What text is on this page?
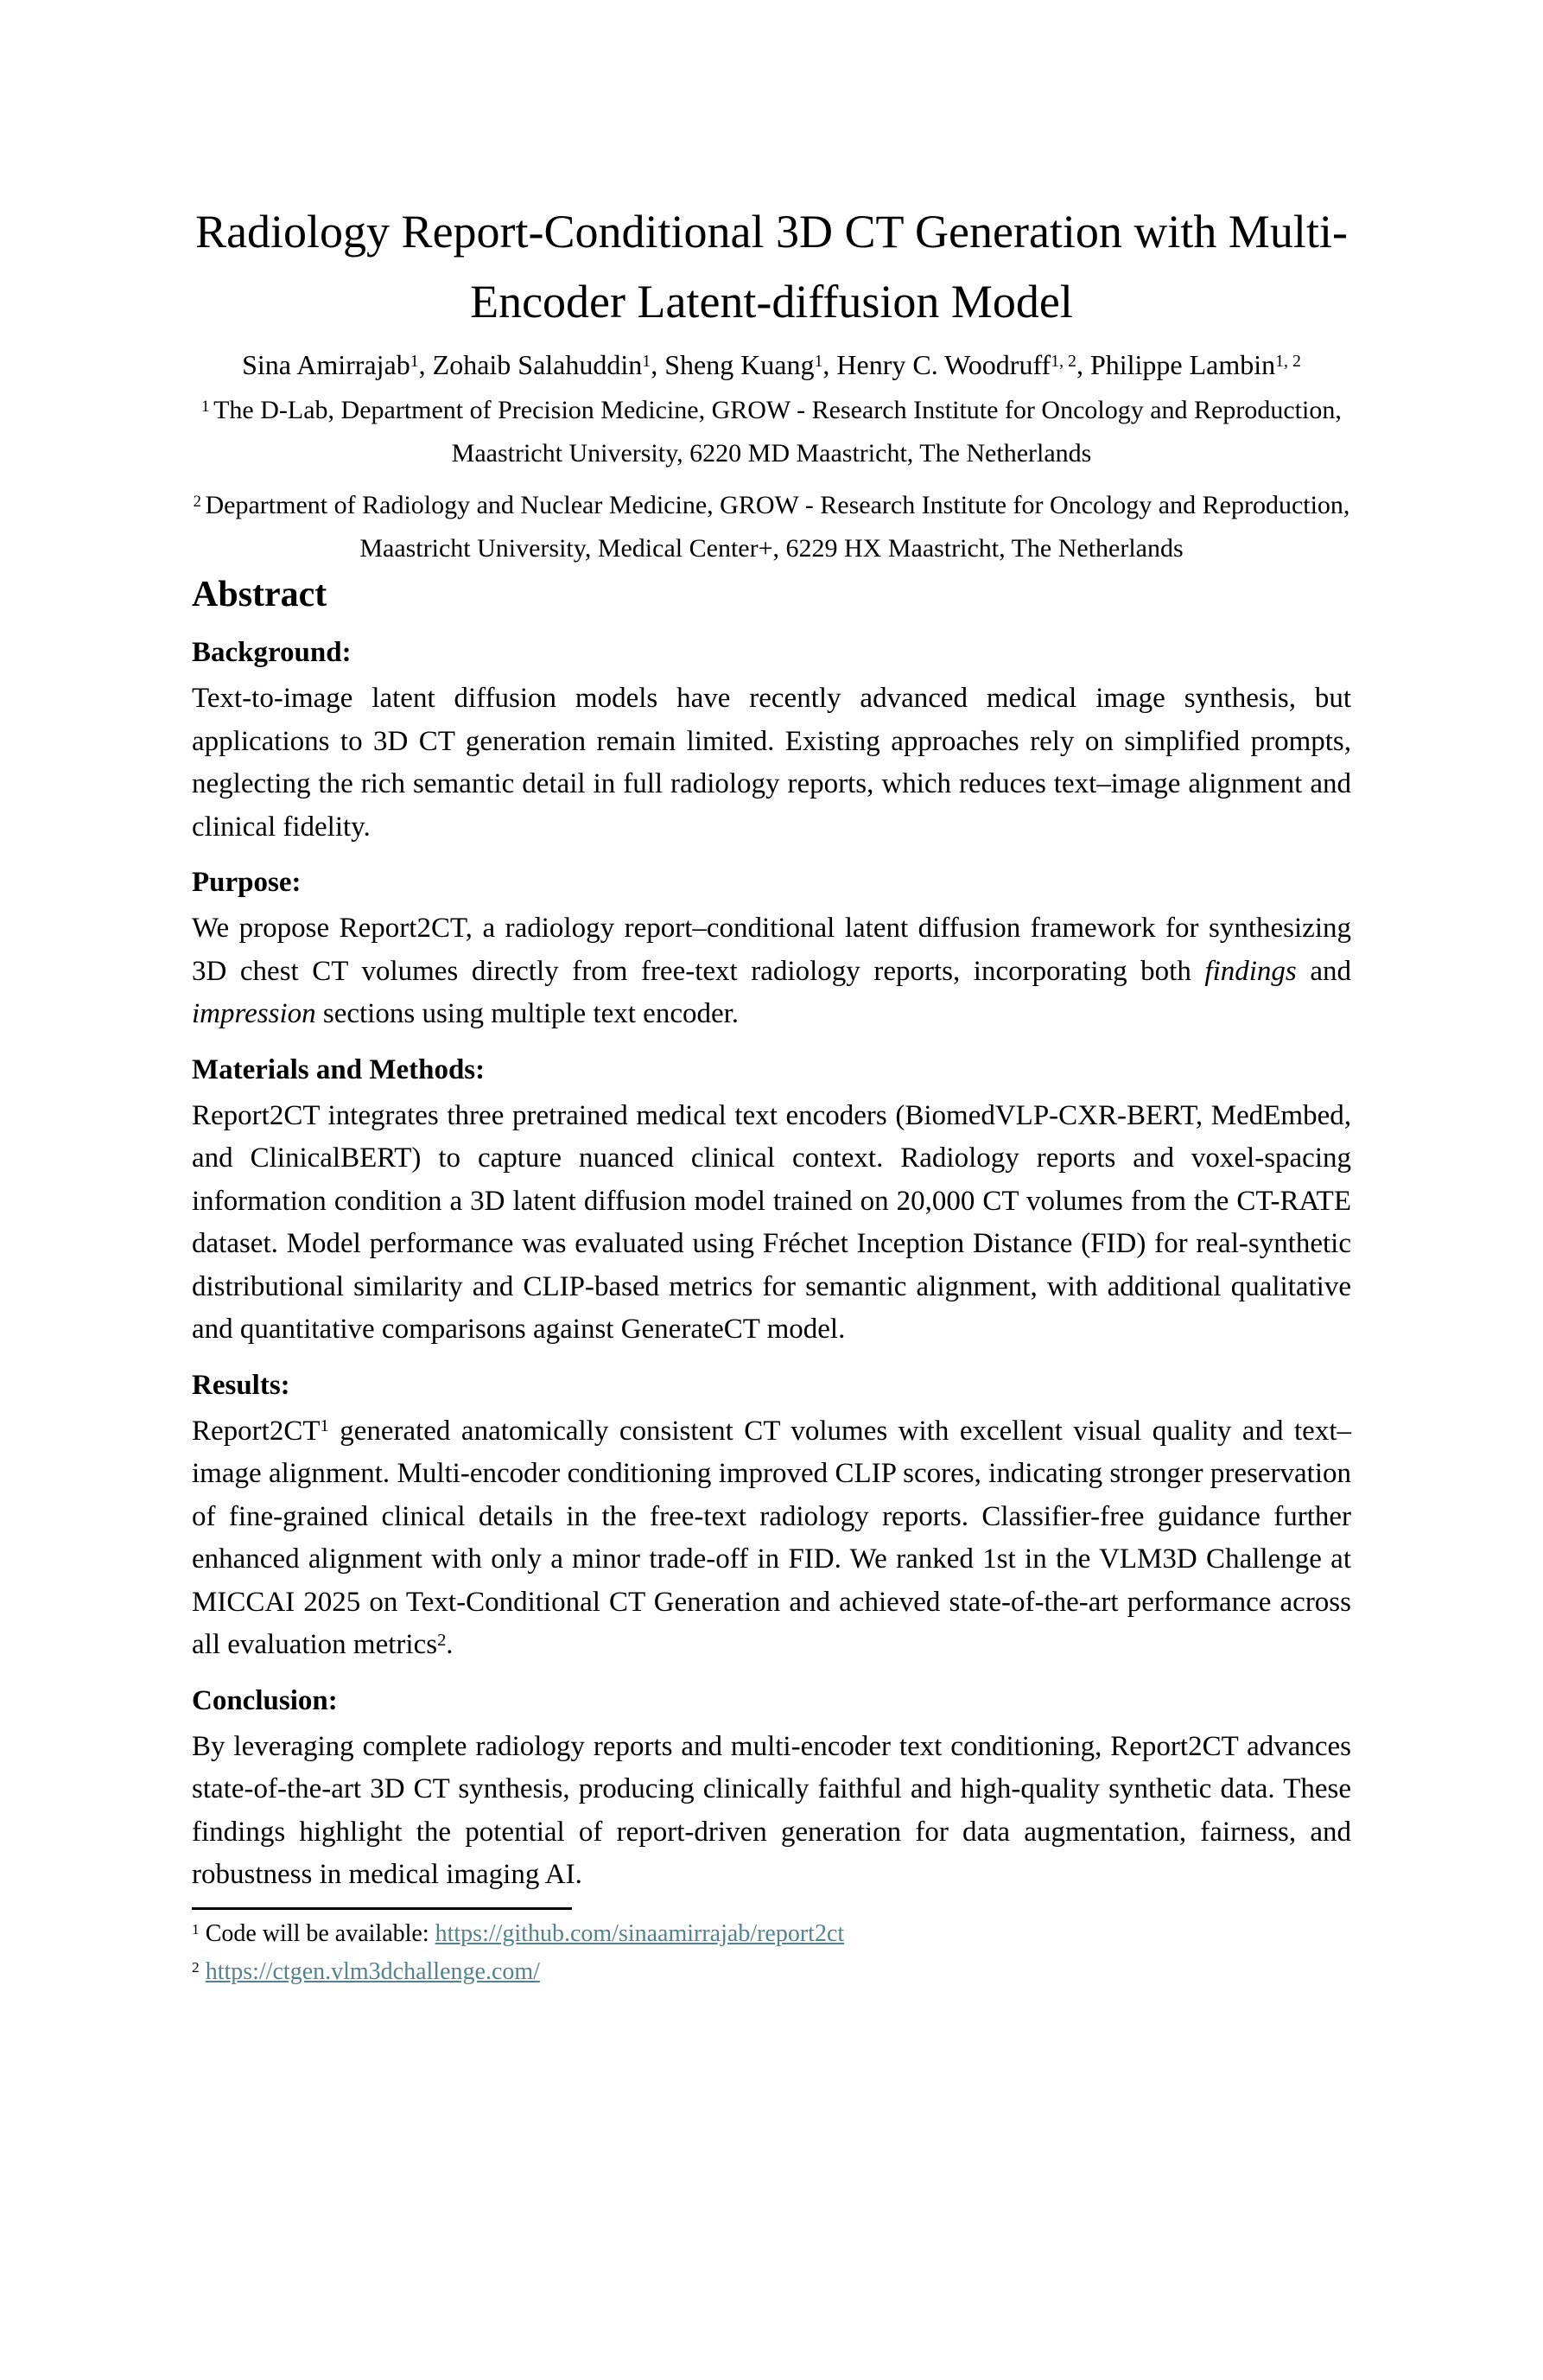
Radiology Report-Conditional 3D CT Generation with Multi-
Encoder Latent-diffusion Model
Sina Amirrajab$^1$, Zohaib Salahuddin$^1$, Sheng Kuang$^1$, Henry C. Woodruff$^{1, 2}$, Philippe Lambin$^{1, 2}$
$^1$ The D-Lab, Department of Precision Medicine, GROW - Research Institute for Oncology and Reproduction,
Maastricht University, 6220 MD Maastricht, The Netherlands
$^2$ Department of Radiology and Nuclear Medicine, GROW - Research Institute for Oncology and Reproduction,
Maastricht University, Medical Center+, 6229 HX Maastricht, The Netherlands
Abstract
Background:

Text-to-image latent diffusion models have recently advanced medical image synthesis, but applications to 3D CT generation remain limited. Existing approaches rely on simplified prompts, neglecting the rich semantic detail in full radiology reports, which reduces text–image alignment and clinical fidelity.

Purpose:

We propose Report2CT, a radiology report–conditional latent diffusion framework for synthesizing 3D chest CT volumes directly from free-text radiology reports, incorporating both findings and impression sections using multiple text encoder.

Materials and Methods:

Report2CT integrates three pretrained medical text encoders (BiomedVLP-CXR-BERT, MedEmbed, and ClinicalBERT) to capture nuanced clinical context. Radiology reports and voxel-spacing information condition a 3D latent diffusion model trained on 20,000 CT volumes from the CT-RATE dataset. Model performance was evaluated using Fréchet Inception Distance (FID) for real-synthetic distributional similarity and CLIP-based metrics for semantic alignment, with additional qualitative and quantitative comparisons against GenerateCT model.

Results:

$Report2CT^1$ generated anatomically consistent CT volumes with excellent visual quality and text–image alignment. Multi-encoder conditioning improved CLIP scores, indicating stronger preservation of fine-grained clinical details in the free-text radiology reports. Classifier-free guidance further enhanced alignment with only a minor trade-off in FID. We ranked 1st in the VLM3D Challenge at MICCAI 2025 on Text-Conditional CT Generation and achieved state-of-the-art performance across all evaluation metrics$^2$.

Conclusion:

By leveraging complete radiology reports and multi-encoder text conditioning, Report2CT advances state-of-the-art 3D CT synthesis, producing clinically faithful and high-quality synthetic data. These findings highlight the potential of report-driven generation for data augmentation, fairness, and robustness in medical imaging AI.

$^1$ Code will be available: https://github.com/sinaamirrajab/report2ct

$^2$ https://ctgen.vlm3dchallenge.com/
